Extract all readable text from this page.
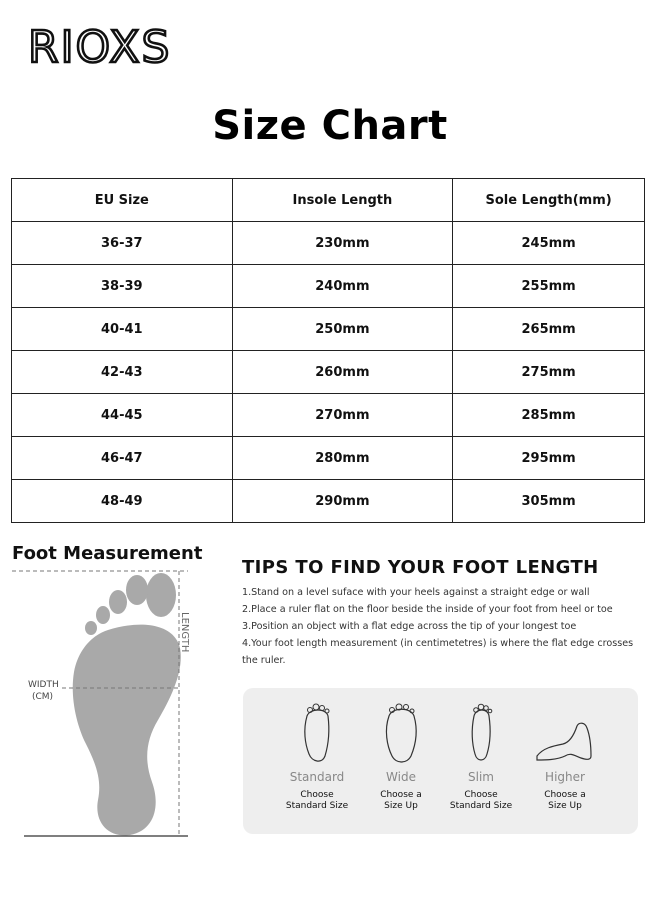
RIOXS
Size Chart
EU Size	Insole Length	Sole Length(mm)
36-37	230mm	245mm
38-39	240mm	255mm
40-41	250mm	265mm
42-43	260mm	275mm
44-45	270mm	285mm
46-47	280mm	295mm
48-49	290mm	305mm
Foot Measurement
LENGTH
WIDTH
(CM)
TIPS TO FIND YOUR FOOT LENGTH
1.Stand on a level suface with your heels against a straight edge or wall
2.Place a ruler flat on the floor beside the inside of your foot from heel or toe
3.Position an object with a flat edge across the tip of your longest toe
4.Your foot length measurement (in centimetetres) is where the flat edge crosses the ruler.
Standard
Choose
Standard Size
Wide
Choose a
Size Up
Slim
Choose
Standard Size
Higher
Choose a
Size Up
